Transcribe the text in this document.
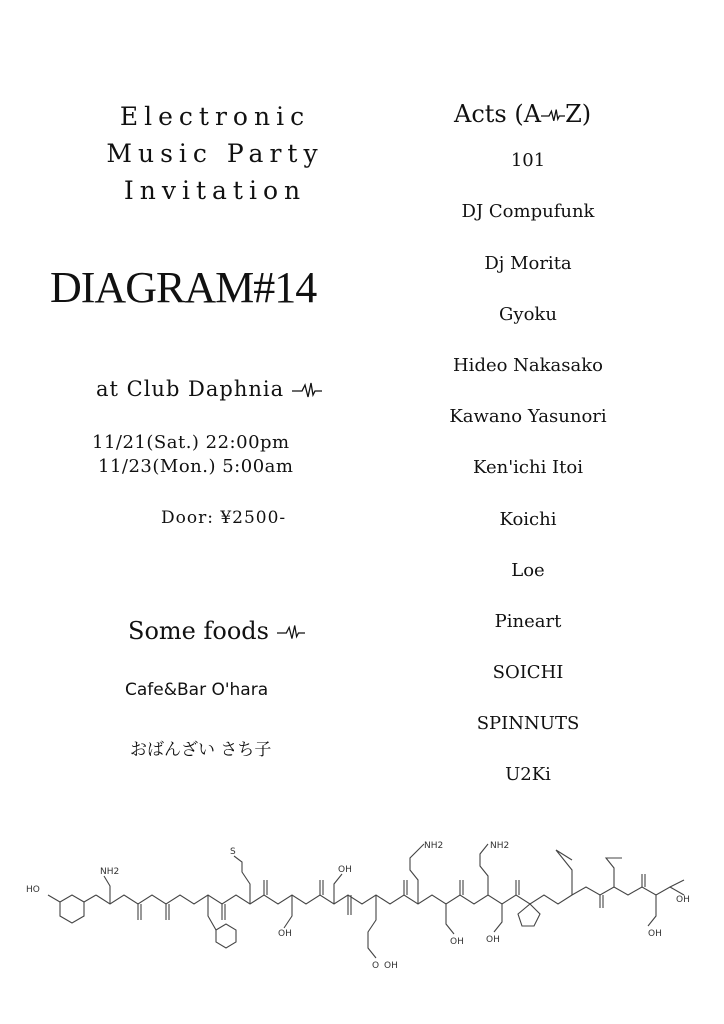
Electronic
Music Party
Invitation
DIAGRAM#14
at Club Daphnia
11/21(Sat.) 22:00pm
11/23(Mon.) 5:00am
Door: ¥2500-
Some foods
Cafe&Bar O'hara
おばんざい さち子
Acts (A Z)
101
DJ Compufunk
Dj Morita
Gyoku
Hideo Nakasako
Kawano Yasunori
Ken'ichi Itoi
Koichi
Loe
Pineart
SOICHI
SPINNUTS
U2Ki
HO
NH2
S
OH
OH
O OH
NH2
OH
NH2
OH
OH
OH
